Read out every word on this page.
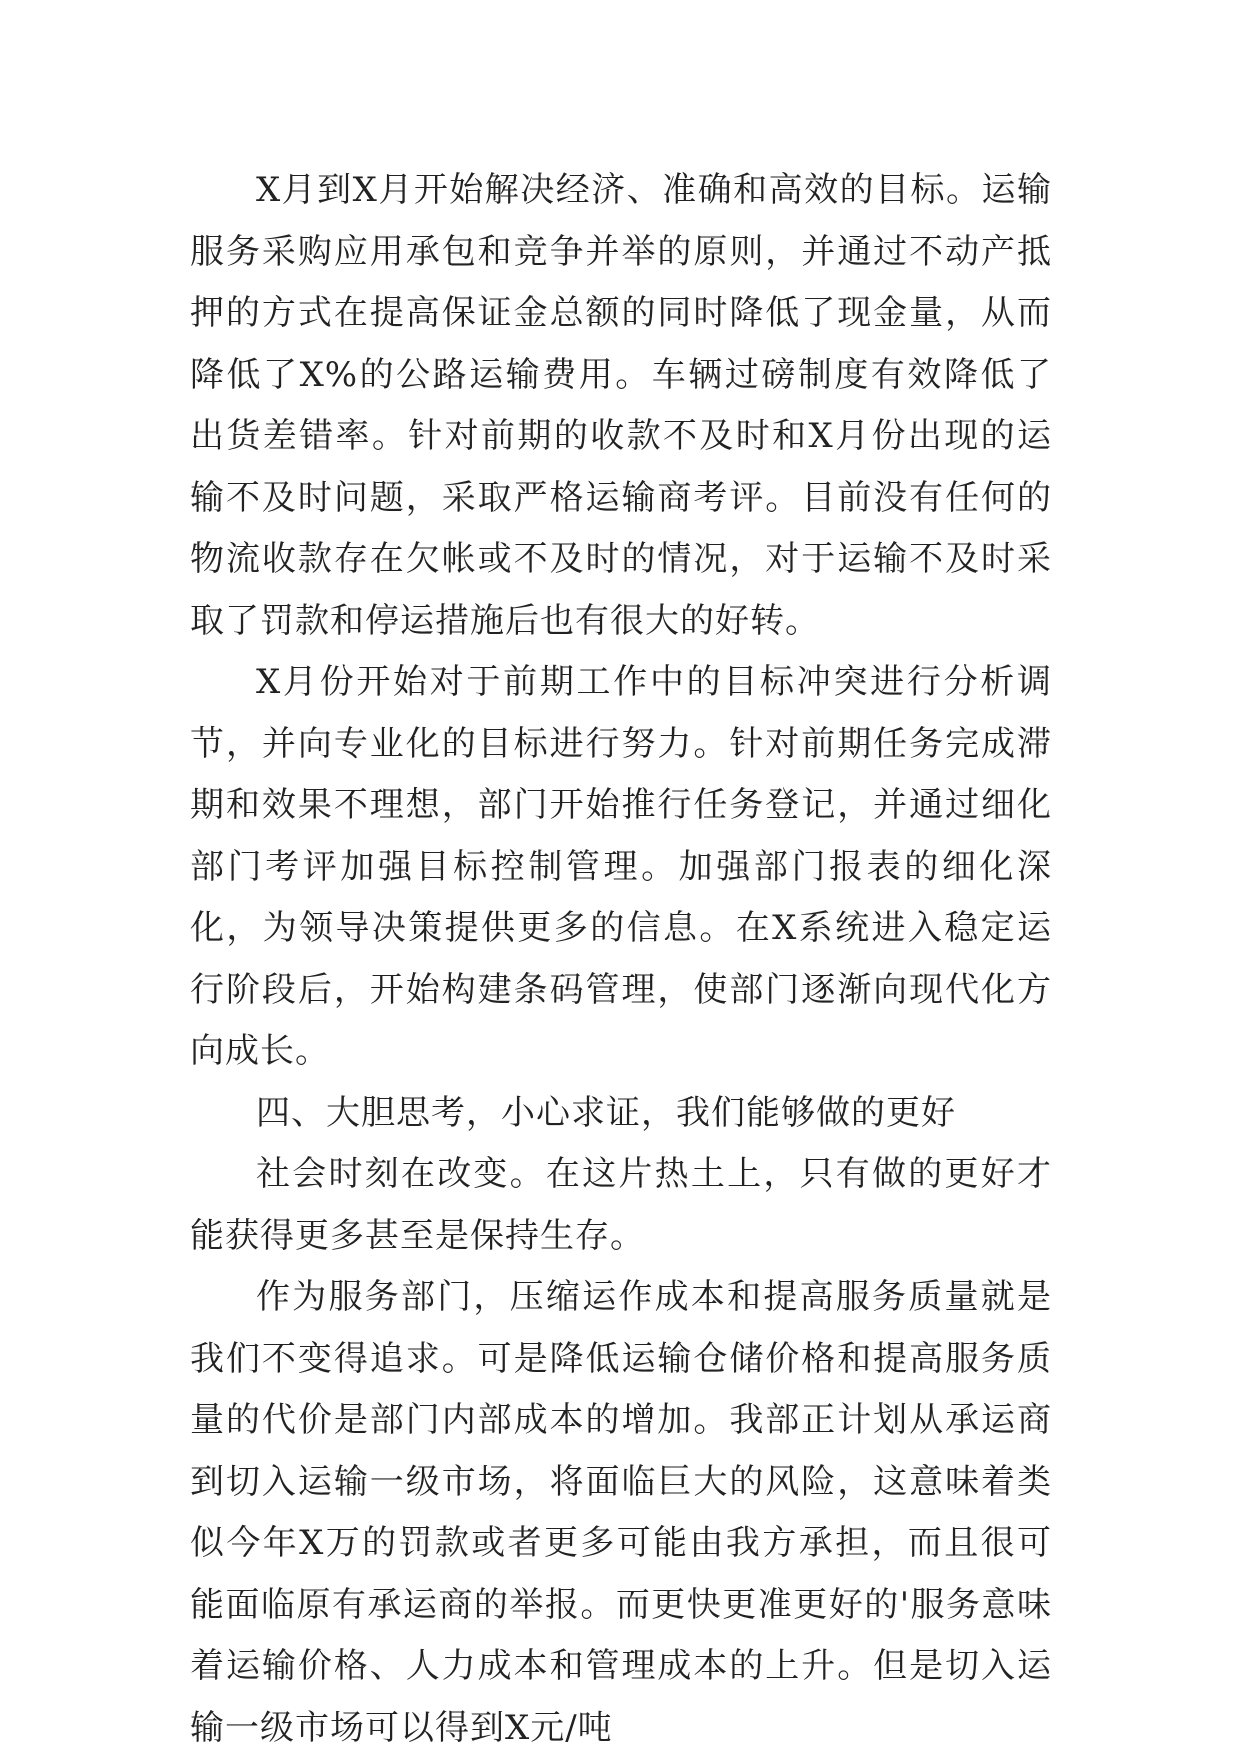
X月到X月开始解决经济、准确和高效的目标。运输服务采购应用承包和竞争并举的原则，并通过不动产抵押的方式在提高保证金总额的同时降低了现金量，从而降低了X%的公路运输费用。车辆过磅制度有效降低了出货差错率。针对前期的收款不及时和X月份出现的运输不及时问题，采取严格运输商考评。目前没有任何的物流收款存在欠帐或不及时的情况，对于运输不及时采取了罚款和停运措施后也有很大的好转。

X月份开始对于前期工作中的目标冲突进行分析调节，并向专业化的目标进行努力。针对前期任务完成滞期和效果不理想，部门开始推行任务登记，并通过细化部门考评加强目标控制管理。加强部门报表的细化深化，为领导决策提供更多的信息。在X系统进入稳定运行阶段后，开始构建条码管理，使部门逐渐向现代化方向成长。

四、大胆思考，小心求证，我们能够做的更好

社会时刻在改变。在这片热土上，只有做的更好才能获得更多甚至是保持生存。

作为服务部门，压缩运作成本和提高服务质量就是我们不变得追求。可是降低运输仓储价格和提高服务质量的代价是部门内部成本的增加。我部正计划从承运商到切入运输一级市场，将面临巨大的风险，这意味着类似今年X万的罚款或者更多可能由我方承担，而且很可能面临原有承运商的举报。而更快更准更好的'服务意味着运输价格、人力成本和管理成本的上升。但是切入运输一级市场可以得到X元/吨
